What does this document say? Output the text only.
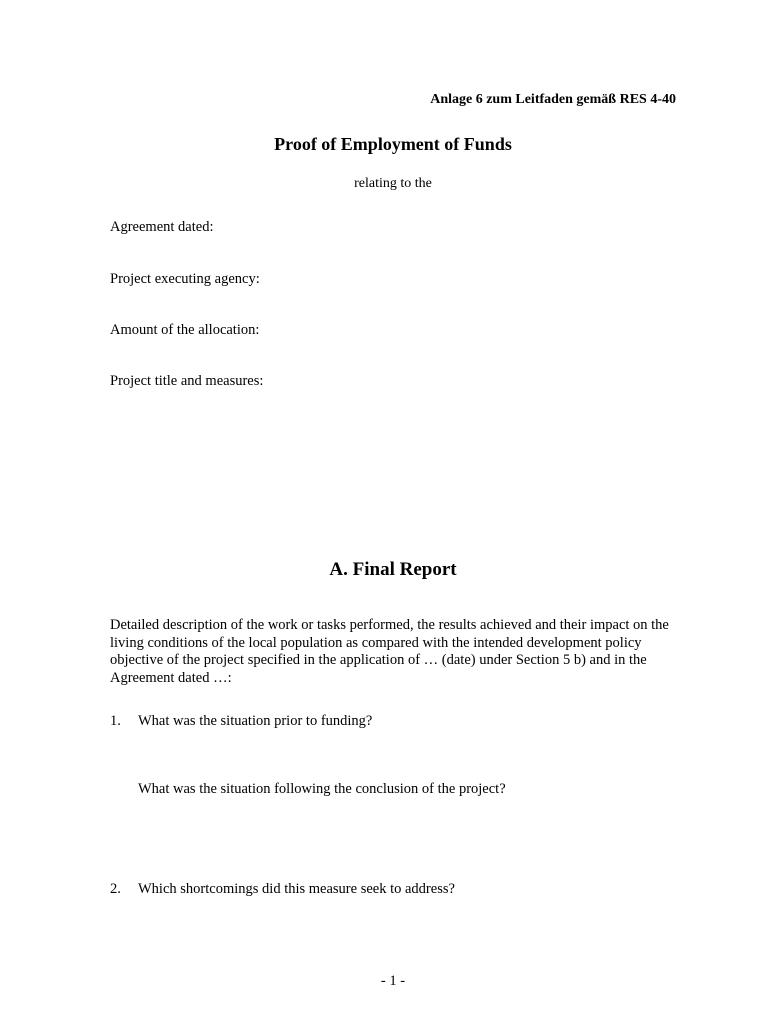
Anlage 6 zum Leitfaden gemäß RES 4-40
Proof of Employment of Funds
relating to the
Agreement dated:
Project executing agency:
Amount of the allocation:
Project title and measures:
A. Final Report
Detailed description of the work or tasks performed, the results achieved and their impact on the living conditions of the local population as compared with the intended development policy objective of the project specified in the application of … (date) under Section 5 b) and in the Agreement dated …:
1. What was the situation prior to funding?
What was the situation following the conclusion of the project?
2. Which shortcomings did this measure seek to address?
- 1 -
